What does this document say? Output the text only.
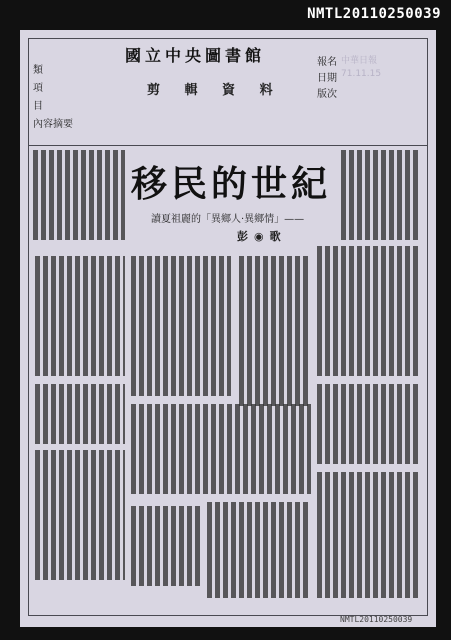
NMTL20110250039
類
項
目
內容摘要
國立中央圖書館
剪 輯 資 料
報名 中華日報
日期 71.11.15
版次
移民的世紀
讀夏祖麗的「異鄉人‧異鄉情」——
彭◉歌
NMTL20110250039
